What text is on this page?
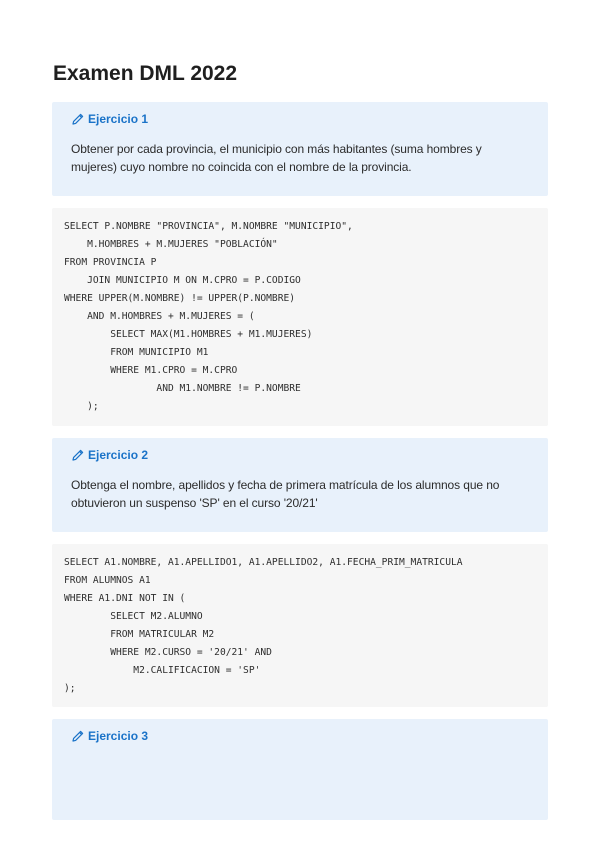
Examen DML 2022
Ejercicio 1

Obtener por cada provincia, el municipio con más habitantes (suma hombres y mujeres) cuyo nombre no coincida con el nombre de la provincia.

SELECT P.NOMBRE "PROVINCIA", M.NOMBRE "MUNICIPIO",
M.HOMBRES + M.MUJERES "POBLACIÓN"
FROM PROVINCIA P
JOIN MUNICIPIO M ON M.CPRO = P.CODIGO
WHERE UPPER(M.NOMBRE) != UPPER(P.NOMBRE)
AND M.HOMBRES + M.MUJERES = (
SELECT MAX(M1.HOMBRES + M1.MUJERES)
FROM MUNICIPIO M1
WHERE M1.CPRO = M.CPRO
AND M1.NOMBRE != P.NOMBRE
);
Ejercicio 2

Obtenga el nombre, apellidos y fecha de primera matrícula de los alumnos que no obtuvieron un suspenso 'SP' en el curso '20/21'

SELECT A1.NOMBRE, A1.APELLIDO1, A1.APELLIDO2, A1.FECHA_PRIM_MATRICULA
FROM ALUMNOS A1
WHERE A1.DNI NOT IN (
SELECT M2.ALUMNO
FROM MATRICULAR M2
WHERE M2.CURSO = '20/21' AND
M2.CALIFICACION = 'SP'
);
Ejercicio 3
